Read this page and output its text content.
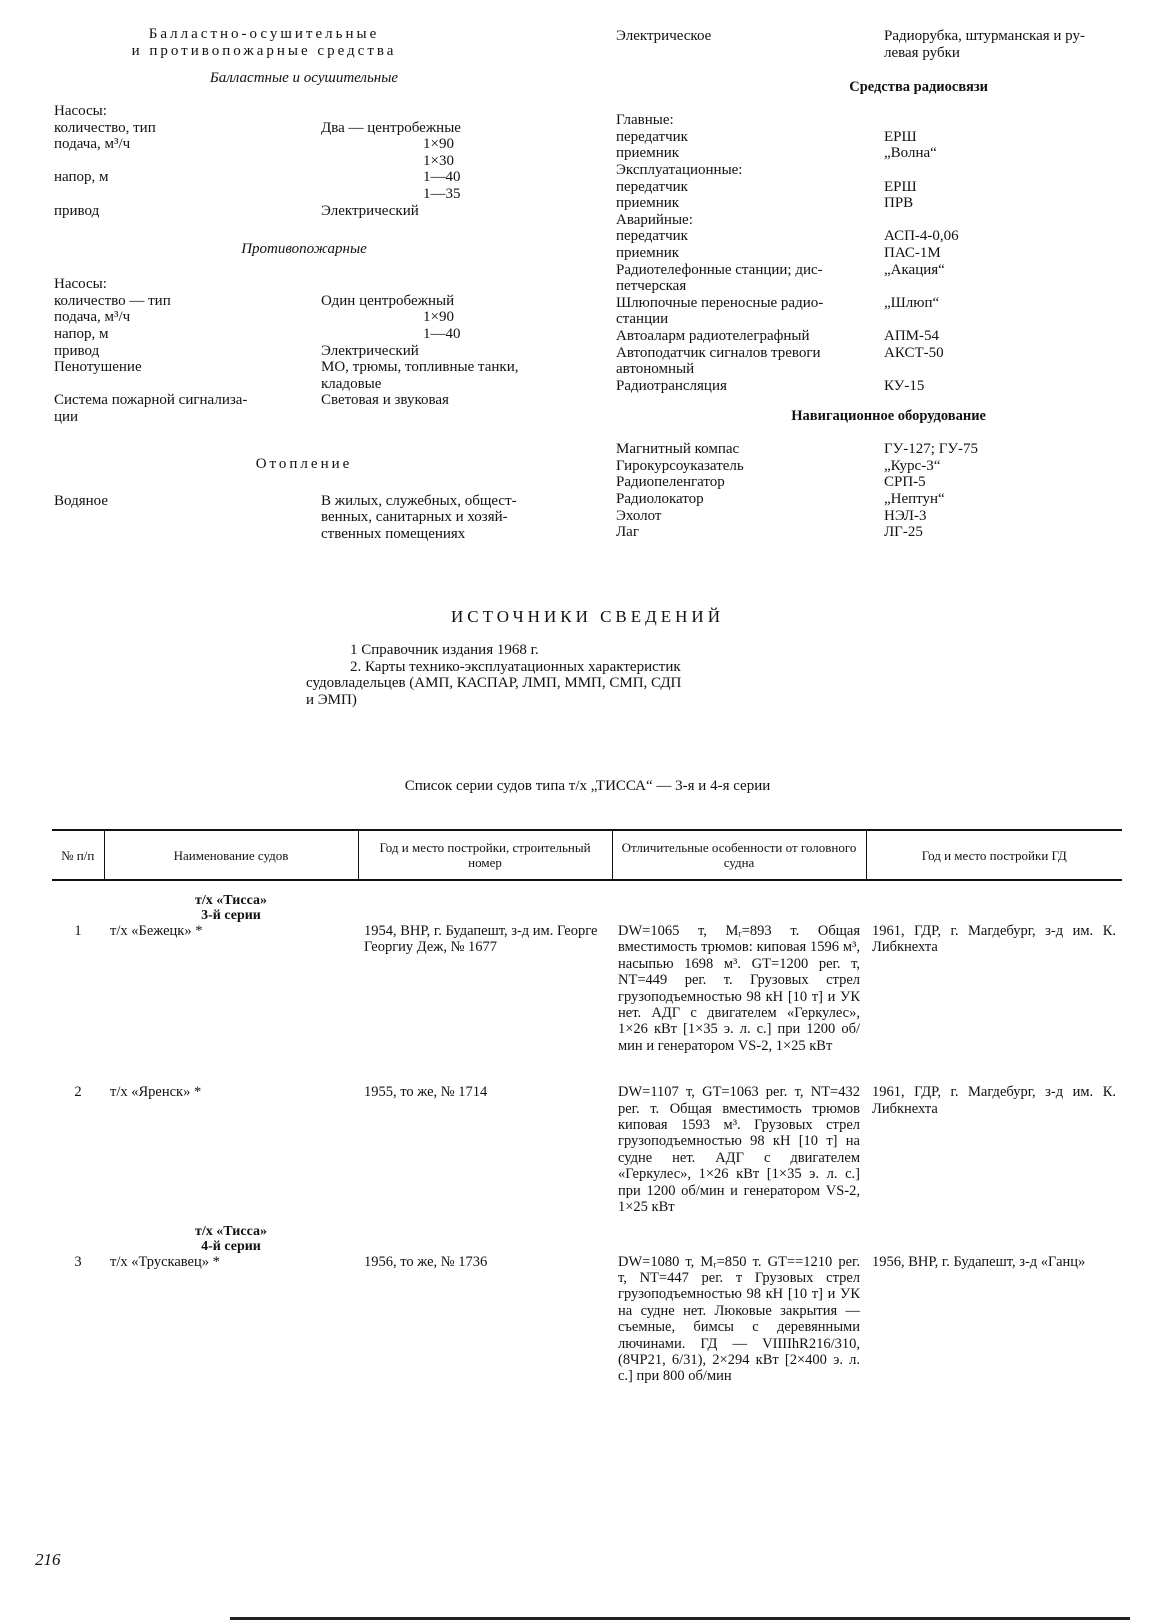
Балластно-осушительные
и противопожарные средства
Балластные и осушительные
Насосы:
количество, тип	Два — центробежные
подача, м³/ч	1×90
1×30
напор, м	1—40
1—35
привод	Электрический
Противопожарные
Насосы:
количество — тип	Один центробежный
подача, м³/ч	1×90
напор, м	1—40
привод	Электрический
Пенотушение	МО, трюмы, топливные танки,
кладовые
Система пожарной сигнализа-	Световая и звуковая
ции
Отопление
Водяное	В жилых, служебных, общест-
венных, санитарных и хозяй-
ственных помещениях
Электрическое	Радиорубка, штурманская и ру-
левая рубки
Средства радиосвязи
Главные:
передатчик	ЕРШ
приемник	„Волна“
Эксплуатационные:
передатчик	ЕРШ
приемник	ПРВ
Аварийные:
передатчик	АСП-4-0,06
приемник	ПАС-1М
Радиотелефонные станции; дис-	„Акация“
петчерская
Шлюпочные переносные радио-	„Шлюп“
станции
Автоаларм радиотелеграфный	АПМ-54
Автоподатчик сигналов тревоги	АКСТ-50
автономный
Радиотрансляция	КУ-15
Навигационное оборудование
Магнитный компас	ГУ-127; ГУ-75
Гирокурсоуказатель	„Курс-3“
Радиопеленгатор	СРП-5
Радиолокатор	„Нептун“
Эхолот	НЭЛ-3
Лаг	ЛГ-25
ИСТОЧНИКИ СВЕДЕНИЙ
1 Справочник издания 1968 г.
2. Карты технико-эксплуатационных характеристик
судовладельцев (АМП, КАСПАР, ЛМП, ММП, СМП, СДП
и ЭМП)
Список серии судов типа т/х „ТИССА“ — 3-я и 4-я серии
№ п/п	Наименование судов	Год и место постройки, строительный номер	Отличительные особенности от головного судна	Год и место постройки ГД

	т/х «Тисса»
3-й серии			

1	т/х «Бежецк» *	1954, ВНР, г. Будапешт, з-д им. Георге Георгиу Деж, № 1677	DW=1065 т, Mᵣ=893 т. Общая вместимость трюмов: киповая 1596 м³, насыпью 1698 м³. GT=1200 рег. т, NT=449 рег. т. Грузовых стрел грузоподъемностью 98 кН [10 т] и УК нет. АДГ с двигателем «Геркулес», 1×26 кВт [1×35 э. л. с.] при 1200 об/мин и генератором VS-2, 1×25 кВт	1961, ГДР, г. Магдебург, з-д им. К. Либкнехта

2	т/х «Яренск» *	1955, то же, № 1714	DW=1107 т, GT=1063 рег. т, NT=432 рег. т. Общая вместимость трюмов киповая 1593 м³. Грузовых стрел грузоподъемностью 98 кН [10 т] на судне нет. АДГ с двигателем «Геркулес», 1×26 кВт [1×35 э. л. с.] при 1200 об/мин и генератором VS-2, 1×25 кВт	1961, ГДР, г. Магдебург, з-д им. К. Либкнехта

	т/х «Тисса»
4-й серии			

3	т/х «Трускавец» *	1956, то же, № 1736	DW=1080 т, Mᵣ=850 т. GT==1210 рег. т, NT=447 рег. т Грузовых стрел грузоподъемностью 98 кН [10 т] и УК на судне нет. Люковые закрытия — съемные, бимсы с деревянными лючинами. ГД — VIIIIhR216/310, (8ЧР21, 6/31), 2×294 кВт [2×400 э. л. с.] при 800 об/мин	1956, ВНР, г. Будапешт, з-д «Ганц»
216
